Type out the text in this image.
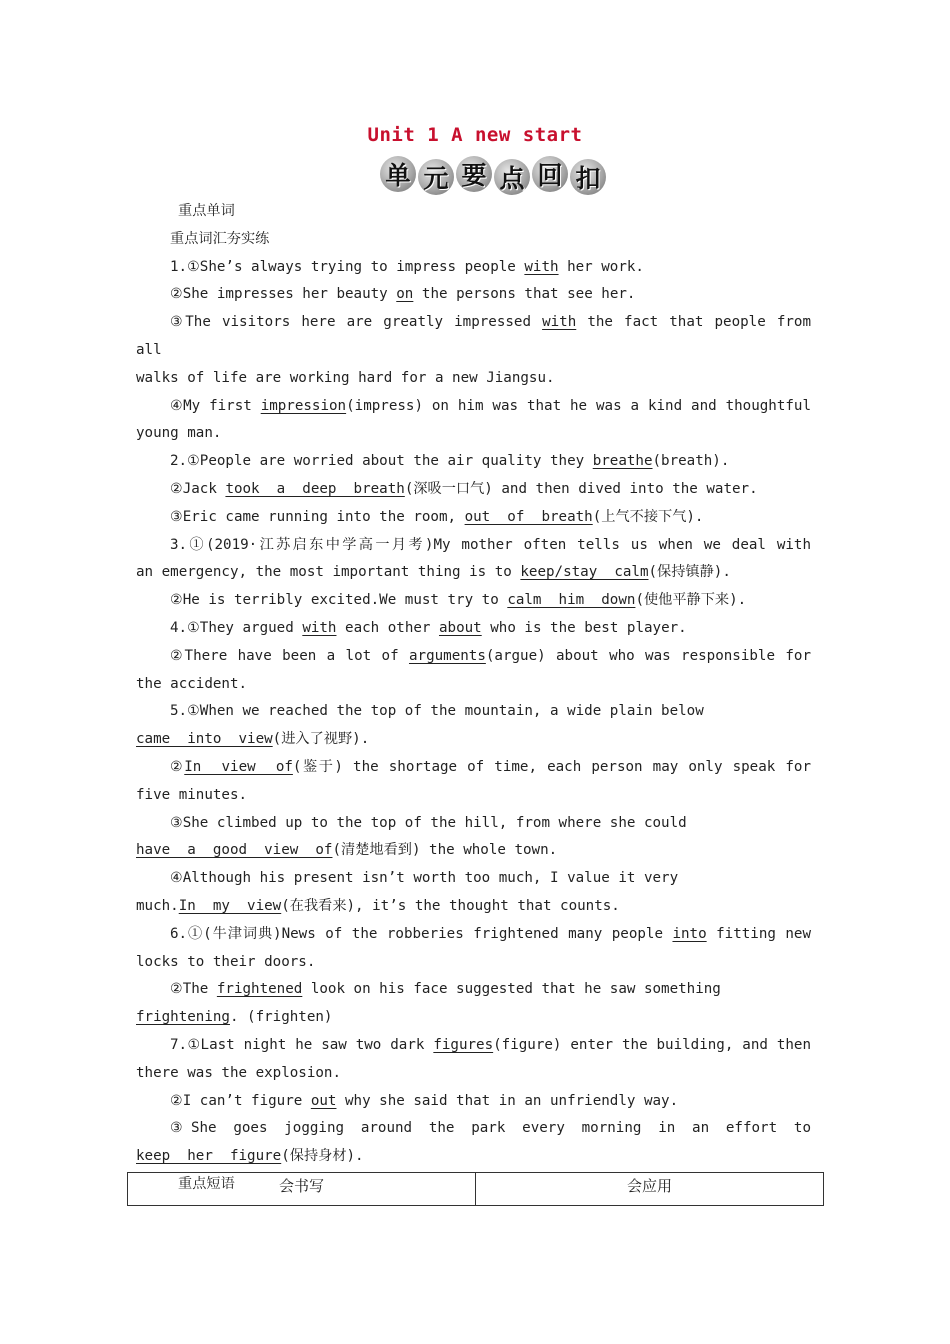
Unit 1 A new start
单 元 要 点 回 扣

重点单词

重点词汇夯实练

1.①She’s always trying to impress people with her work.

②She impresses her beauty on the persons that see her.

③The visitors here are greatly impressed with the fact that people from all

walks of life are working hard for a new Jiangsu.

④My first impression(impress) on him was that he was a kind and thoughtful

young man.

2.①People are worried about the air quality they breathe(breath).

②Jack took  a  deep  breath(深吸一口气) and then dived into the water.

③Eric came running into the room, out  of  breath(上气不接下气).

3.①(2019·江苏启东中学高一月考)My mother often tells us when we deal with

an emergency, the most important thing is to keep/stay  calm(保持镇静).

②He is terribly excited.We must try to calm  him  down(使他平静下来).

4.①They argued with each other about who is the best player.

②There have been a lot of arguments(argue) about who was responsible for

the accident.

5.①When we reached the top of the mountain, a wide plain below

came  into  view(进入了视野).

②In  view  of(鉴于) the shortage of time, each person may only speak for

five minutes.

③She climbed up to the top of the hill, from where she could

have  a  good  view  of(清楚地看到) the whole town.

④Although his present isn’t worth too much, I value it very

much.In  my  view(在我看来), it’s the thought that counts.

6.①(牛津词典)News of the robberies frightened many people into fitting new

locks to their doors.

②The frightened look on his face suggested that he saw something

frightening. (frighten)

7.①Last night he saw two dark figures(figure) enter the building, and then

there was the explosion.

②I can’t figure out why she said that in an unfriendly way.

③She goes jogging around the park every morning in an effort to

keep  her  figure(保持身材).

重点短语	会书写	会应用
